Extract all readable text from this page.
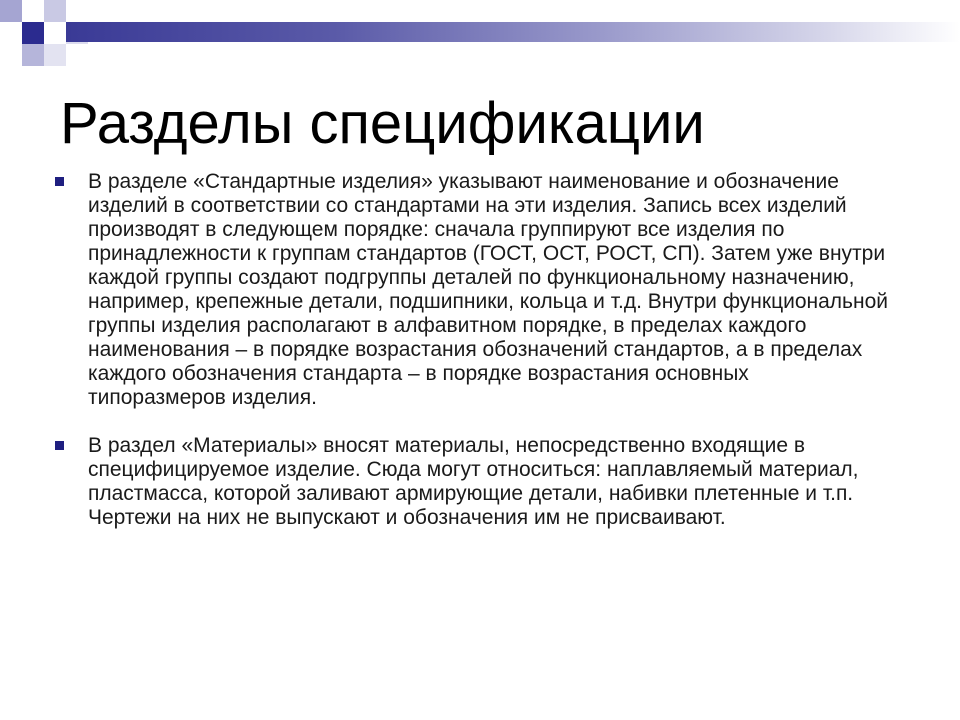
Разделы спецификации
В разделе «Стандартные изделия» указывают наименование и обозначение изделий в соответствии со стандартами на эти изделия. Запись всех изделий производят в следующем порядке: сначала группируют все изделия по принадлежности к группам стандартов (ГОСТ, ОСТ, РОСТ, СП). Затем уже внутри каждой группы создают подгруппы деталей по функциональному назначению, например, крепежные детали, подшипники, кольца и т.д. Внутри функциональной группы изделия располагают в алфавитном порядке, в пределах каждого наименования – в порядке возрастания обозначений стандартов, а в пределах каждого обозначения стандарта – в порядке возрастания основных типоразмеров изделия.
В раздел «Материалы» вносят материалы, непосредственно входящие в специфицируемое изделие. Сюда могут относиться: наплавляемый материал, пластмасса, которой заливают армирующие детали, набивки плетенные и т.п. Чертежи на них не выпускают и обозначения им не присваивают.
